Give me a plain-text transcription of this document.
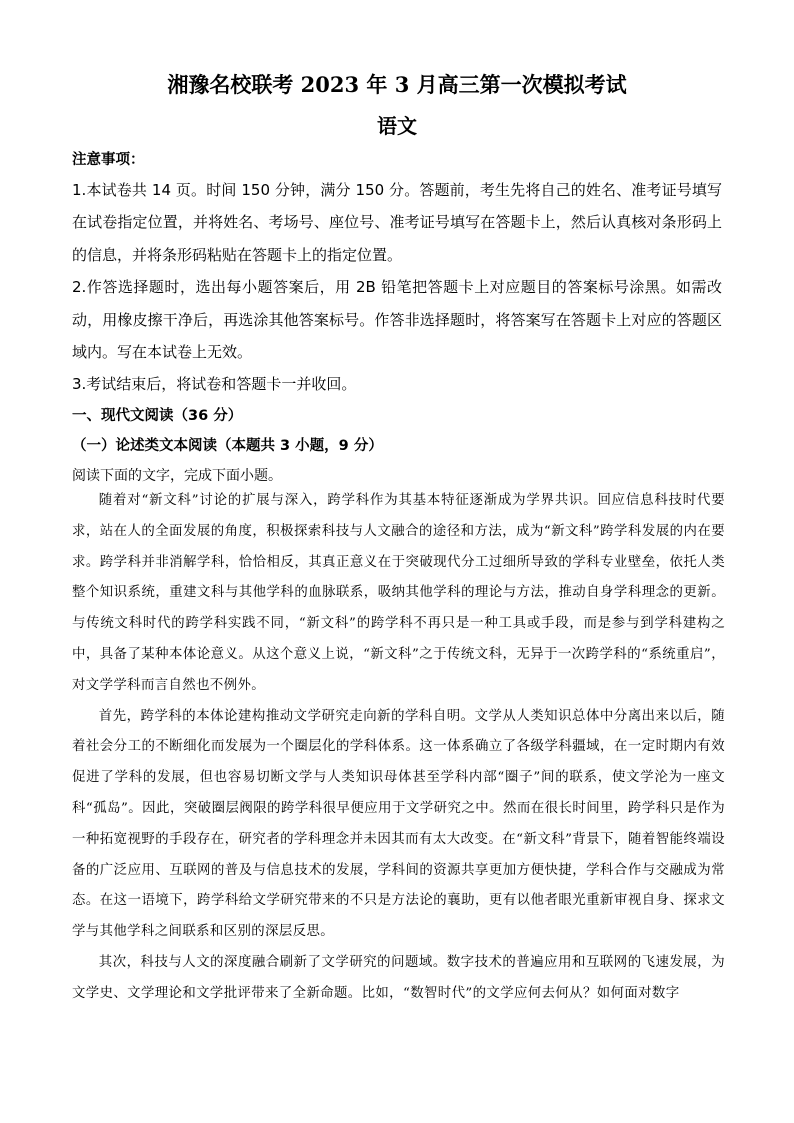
湘豫名校联考 2023 年 3 月高三第一次模拟考试
语文

注意事项：

1.本试卷共 14 页。时间 150 分钟，满分 150 分。答题前，考生先将自己的姓名、准考证号填写在试卷指定位置，并将姓名、考场号、座位号、准考证号填写在答题卡上，然后认真核对条形码上的信息，并将条形码粘贴在答题卡上的指定位置。

2.作答选择题时，选出每小题答案后，用 2B 铅笔把答题卡上对应题目的答案标号涂黑。如需改动，用橡皮擦干净后，再选涂其他答案标号。作答非选择题时，将答案写在答题卡上对应的答题区域内。写在本试卷上无效。

3.考试结束后，将试卷和答题卡一并收回。

一、现代文阅读（36 分）

（一）论述类文本阅读（本题共 3 小题，9 分）

阅读下面的文字，完成下面小题。

随着对“新文科”讨论的扩展与深入，跨学科作为其基本特征逐渐成为学界共识。回应信息科技时代要求，站在人的全面发展的角度，积极探索科技与人文融合的途径和方法，成为“新文科”跨学科发展的内在要求。跨学科并非消解学科，恰恰相反，其真正意义在于突破现代分工过细所导致的学科专业壁垒，依托人类整个知识系统，重建文科与其他学科的血脉联系，吸纳其他学科的理论与方法，推动自身学科理念的更新。与传统文科时代的跨学科实践不同，“新文科”的跨学科不再只是一种工具或手段，而是参与到学科建构之中，具备了某种本体论意义。从这个意义上说，“新文科”之于传统文科，无异于一次跨学科的“系统重启”，对文学学科而言自然也不例外。

首先，跨学科的本体论建构推动文学研究走向新的学科自明。文学从人类知识总体中分离出来以后，随着社会分工的不断细化而发展为一个圈层化的学科体系。这一体系确立了各级学科疆域，在一定时期内有效促进了学科的发展，但也容易切断文学与人类知识母体甚至学科内部“圈子”间的联系，使文学沦为一座文科“孤岛”。因此，突破圈层阀限的跨学科很早便应用于文学研究之中。然而在很长时间里，跨学科只是作为一种拓宽视野的手段存在，研究者的学科理念并未因其而有太大改变。在“新文科”背景下，随着智能终端设备的广泛应用、互联网的普及与信息技术的发展，学科间的资源共享更加方便快捷，学科合作与交融成为常态。在这一语境下，跨学科给文学研究带来的不只是方法论的襄助，更有以他者眼光重新审视自身、探求文学与其他学科之间联系和区别的深层反思。

其次，科技与人文的深度融合刷新了文学研究的问题域。数字技术的普遍应用和互联网的飞速发展，为文学史、文学理论和文学批评带来了全新命题。比如，“数智时代”的文学应何去何从？如何面对数字
